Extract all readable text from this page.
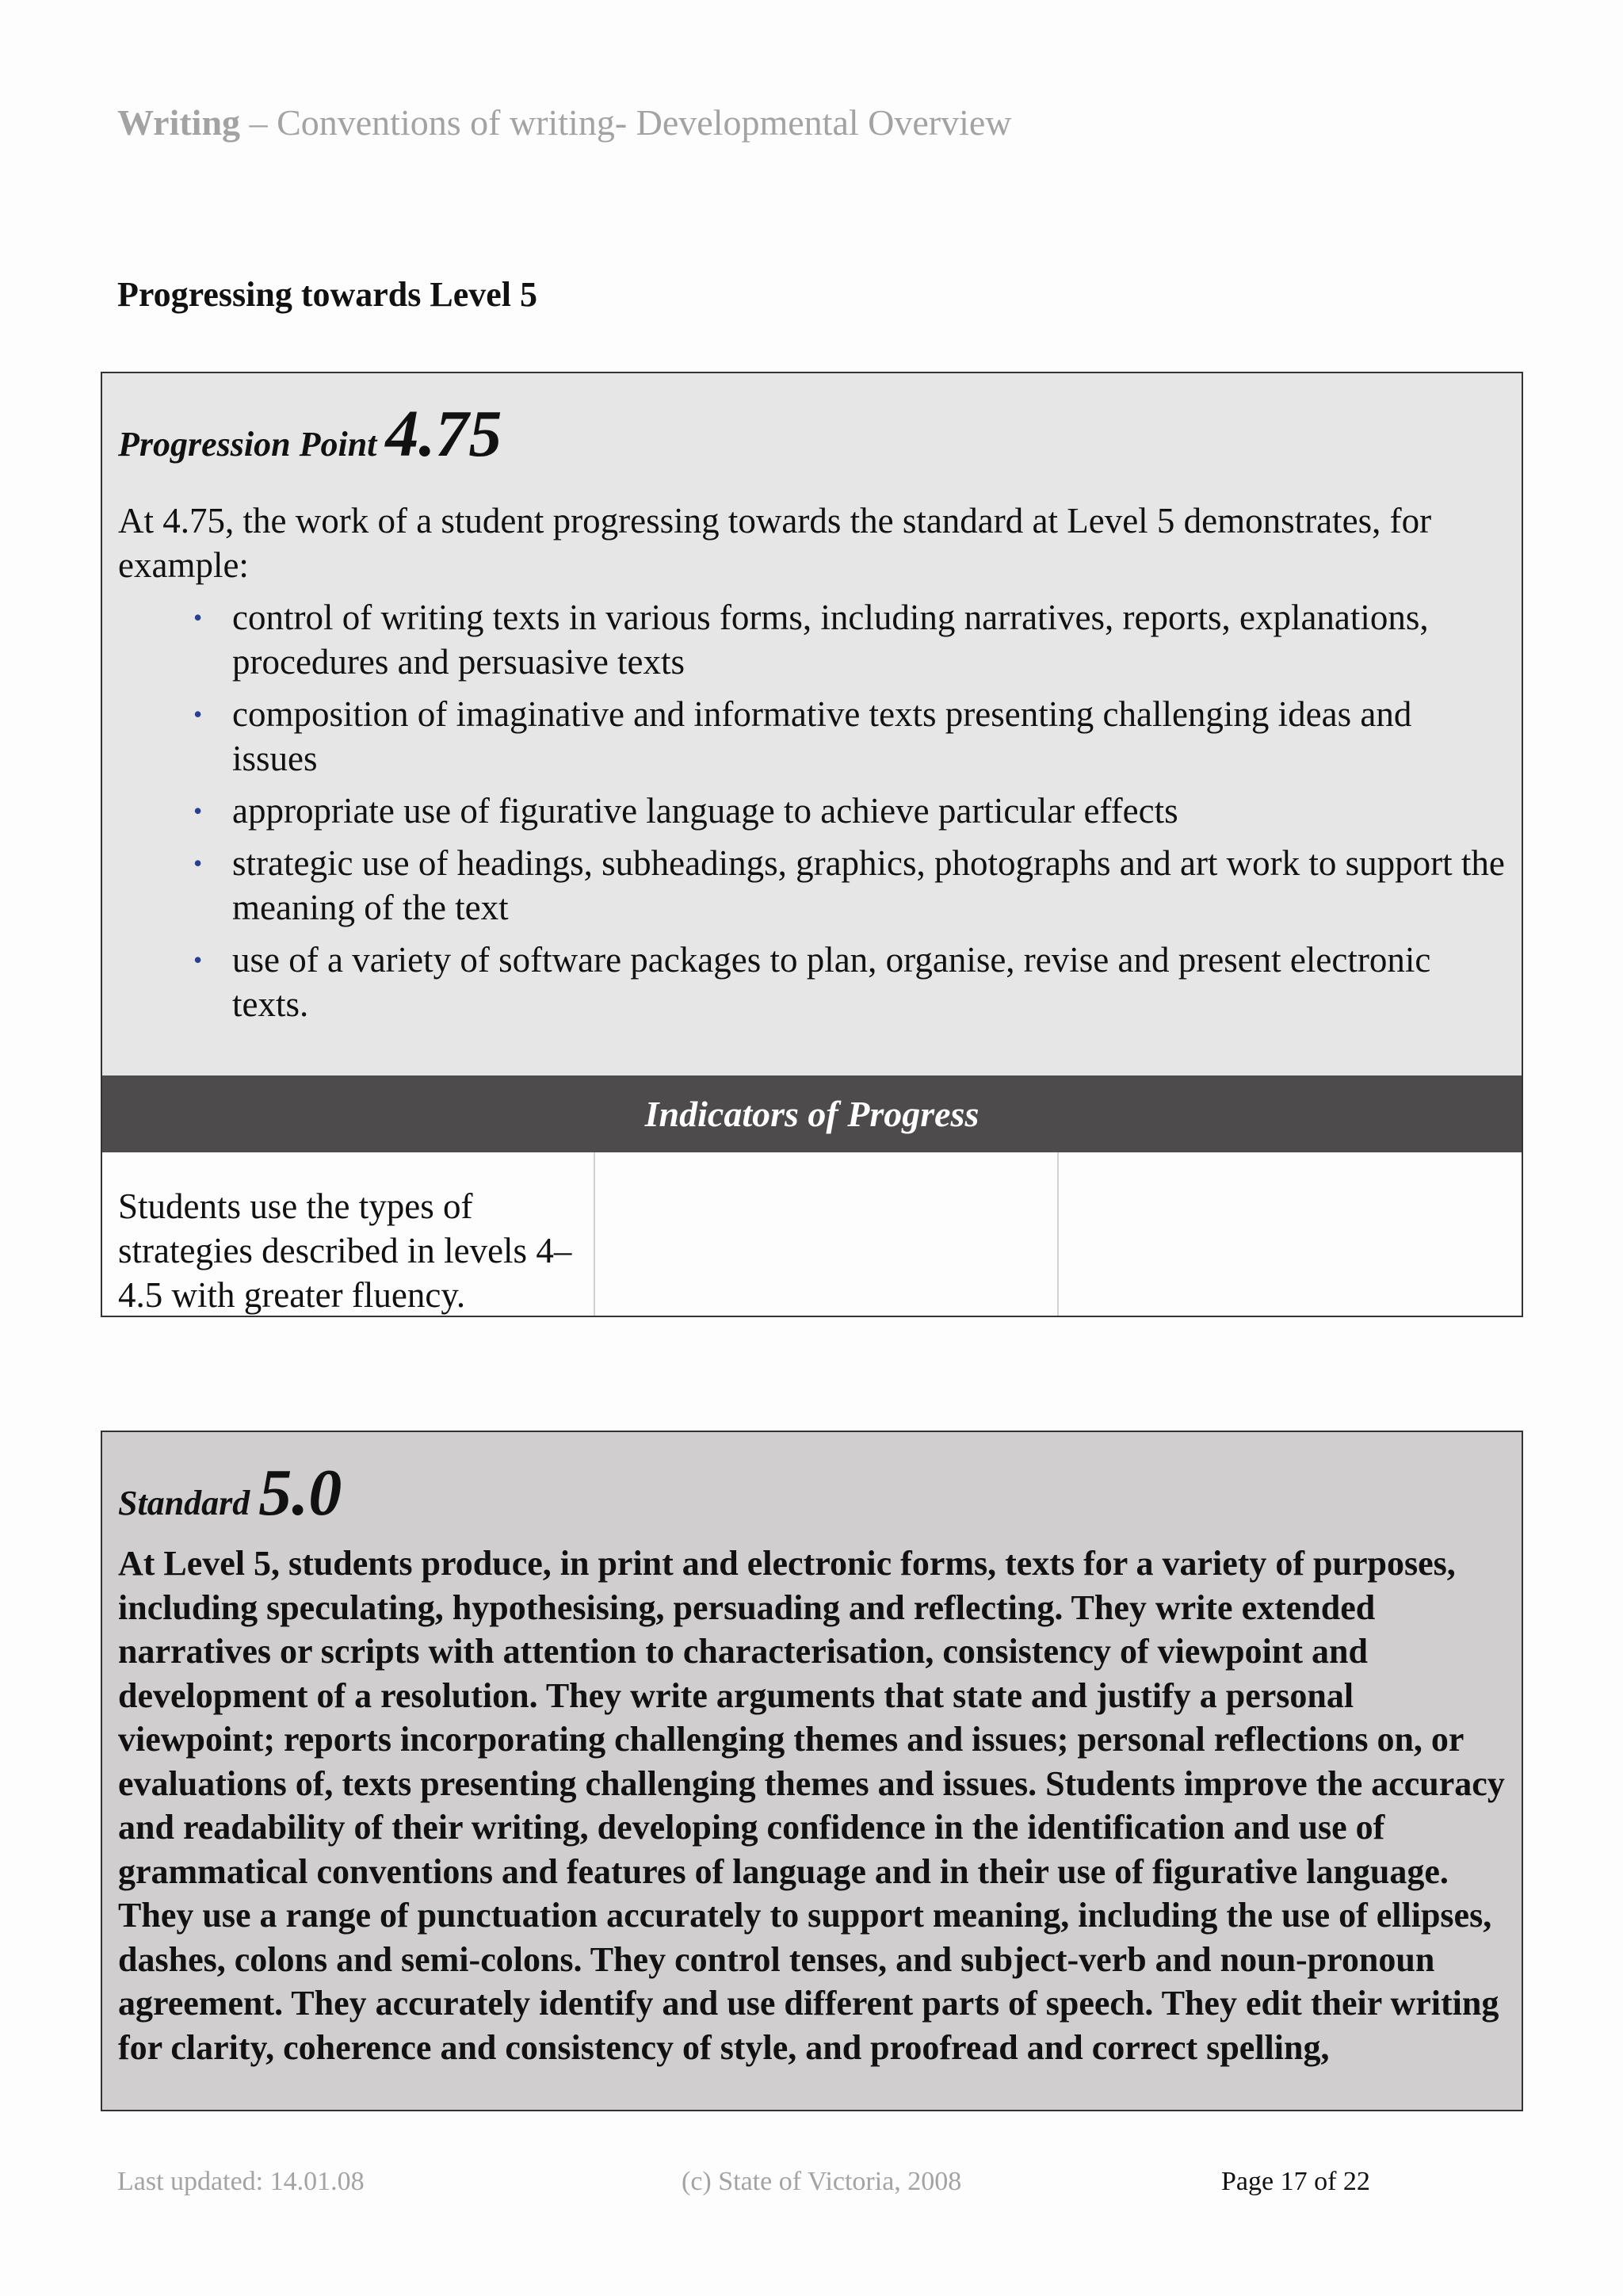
Writing – Conventions of writing- Developmental Overview
Progressing towards Level 5
Progression Point 4.75
At 4.75, the work of a student progressing towards the standard at Level 5 demonstrates, for example:
• control of writing texts in various forms, including narratives, reports, explanations, procedures and persuasive texts
• composition of imaginative and informative texts presenting challenging ideas and issues
• appropriate use of figurative language to achieve particular effects
• strategic use of headings, subheadings, graphics, photographs and art work to support the meaning of the text
• use of a variety of software packages to plan, organise, revise and present electronic texts.
Indicators of Progress
Students use the types of strategies described in levels 4–4.5 with greater fluency.
Standard 5.0
At Level 5, students produce, in print and electronic forms, texts for a variety of purposes, including speculating, hypothesising, persuading and reflecting. They write extended narratives or scripts with attention to characterisation, consistency of viewpoint and development of a resolution. They write arguments that state and justify a personal viewpoint; reports incorporating challenging themes and issues; personal reflections on, or evaluations of, texts presenting challenging themes and issues. Students improve the accuracy and readability of their writing, developing confidence in the identification and use of grammatical conventions and features of language and in their use of figurative language. They use a range of punctuation accurately to support meaning, including the use of ellipses, dashes, colons and semi-colons. They control tenses, and subject-verb and noun-pronoun agreement. They accurately identify and use different parts of speech. They edit their writing for clarity, coherence and consistency of style, and proofread and correct spelling,
Last updated: 14.01.08	(c) State of Victoria, 2008	Page 17 of 22
